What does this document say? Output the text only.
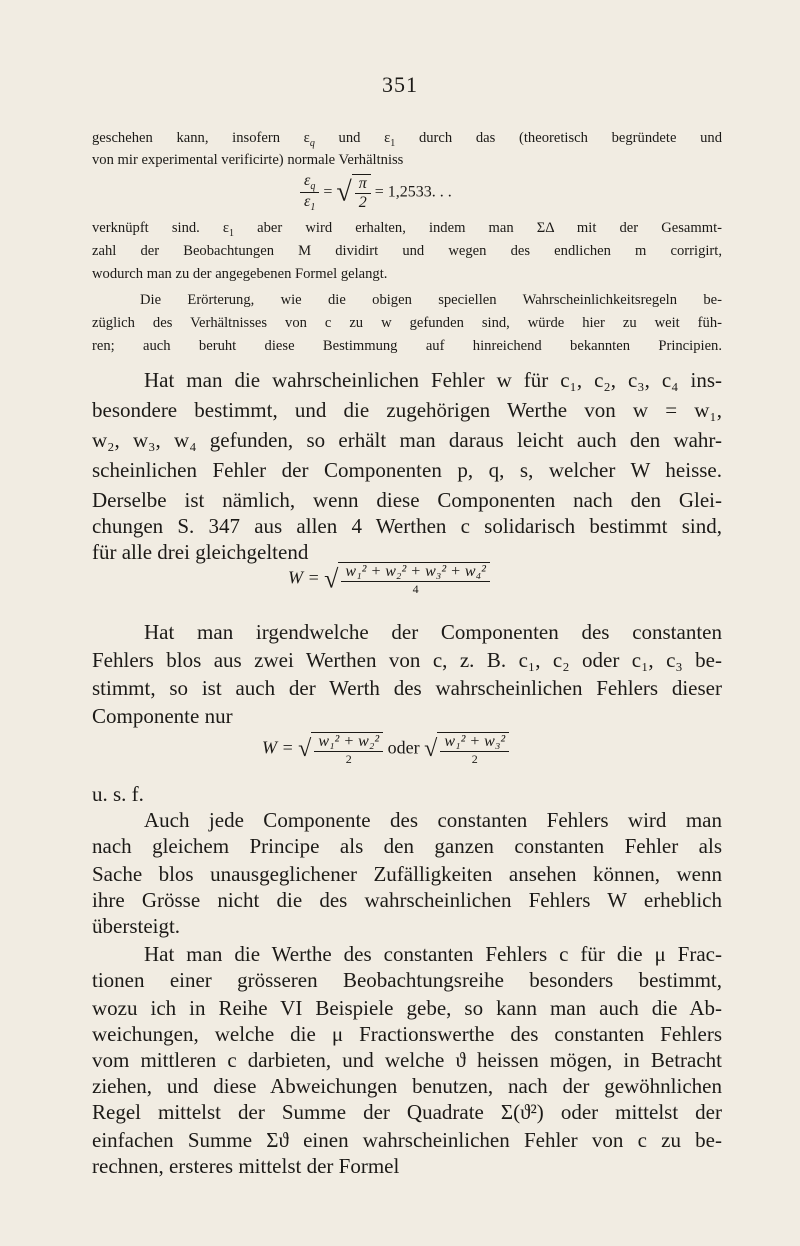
351
geschehen kann, insofern $\varepsilon_q$ und $\varepsilon_1$ durch das (theoretisch begründete und
von mir experimental verificirte) normale Verhältniss
$\frac{\varepsilon_q}{\varepsilon_1}$ = √ $\frac{\pi}{2} = 1,2533$. . .
verknüpft sind. $\varepsilon_1$ aber wird erhalten, indem man ΣΔ mit der Gesammt-
zahl der Beobachtungen M dividirt und wegen des endlichen m corrigirt,
wodurch man zu der angegebenen Formel gelangt.
Die Erörterung, wie die obigen speciellen Wahrscheinlichkeitsregeln be-
züglich des Verhältnisses von c zu w gefunden sind, würde hier zu weit füh-
ren; auch beruht diese Bestimmung auf hinreichend bekannten Principien.
Hat man die wahrscheinlichen Fehler w für c₁, c₂, c₃, c₄ ins-
besondere bestimmt, und die zugehörigen Werthe von w = w₁,
w₂, w₃, w₄ gefunden, so erhält man daraus leicht auch den wahr-
scheinlichen Fehler der Componenten p, q, s, welcher W heisse.
Derselbe ist nämlich, wenn diese Componenten nach den Glei-
chungen S. 347 aus allen 4 Werthen c solidarisch bestimmt sind,
für alle drei gleichgeltend
W = √ $\frac{\text{w₁² + w₂² + w₃² + w₄²}}{4}$
Hat man irgendwelche der Componenten des constanten
Fehlers blos aus zwei Werthen von c, z. B. c₁, c₂ oder c₁, c₃ be-
stimmt, so ist auch der Werth des wahrscheinlichen Fehlers dieser
Componente nur
W = √ $\frac{\text{w₁² + w₂²}}{2}$ oder √ $\frac{\text{w₁² + w₃²}}{2}$
u. s. f.
Auch jede Componente des constanten Fehlers wird man
nach gleichem Principe als den ganzen constanten Fehler als
Sache blos unausgeglichener Zufälligkeiten ansehen können, wenn
ihre Grösse nicht die des wahrscheinlichen Fehlers W erheblich
übersteigt.
Hat man die Werthe des constanten Fehlers c für die μ Frac-
tionen einer grösseren Beobachtungsreihe besonders bestimmt,
wozu ich in Reihe VI Beispiele gebe, so kann man auch die Ab-
weichungen, welche die μ Fractionswerthe des constanten Fehlers
vom mittleren c darbieten, und welche ϑ heissen mögen, in Betracht
ziehen, und diese Abweichungen benutzen, nach der gewöhnlichen
Regel mittelst der Summe der Quadrate Σ(ϑ²) oder mittelst der
einfachen Summe Σϑ einen wahrscheinlichen Fehler von c zu be-
rechnen, ersteres mittelst der Formel
